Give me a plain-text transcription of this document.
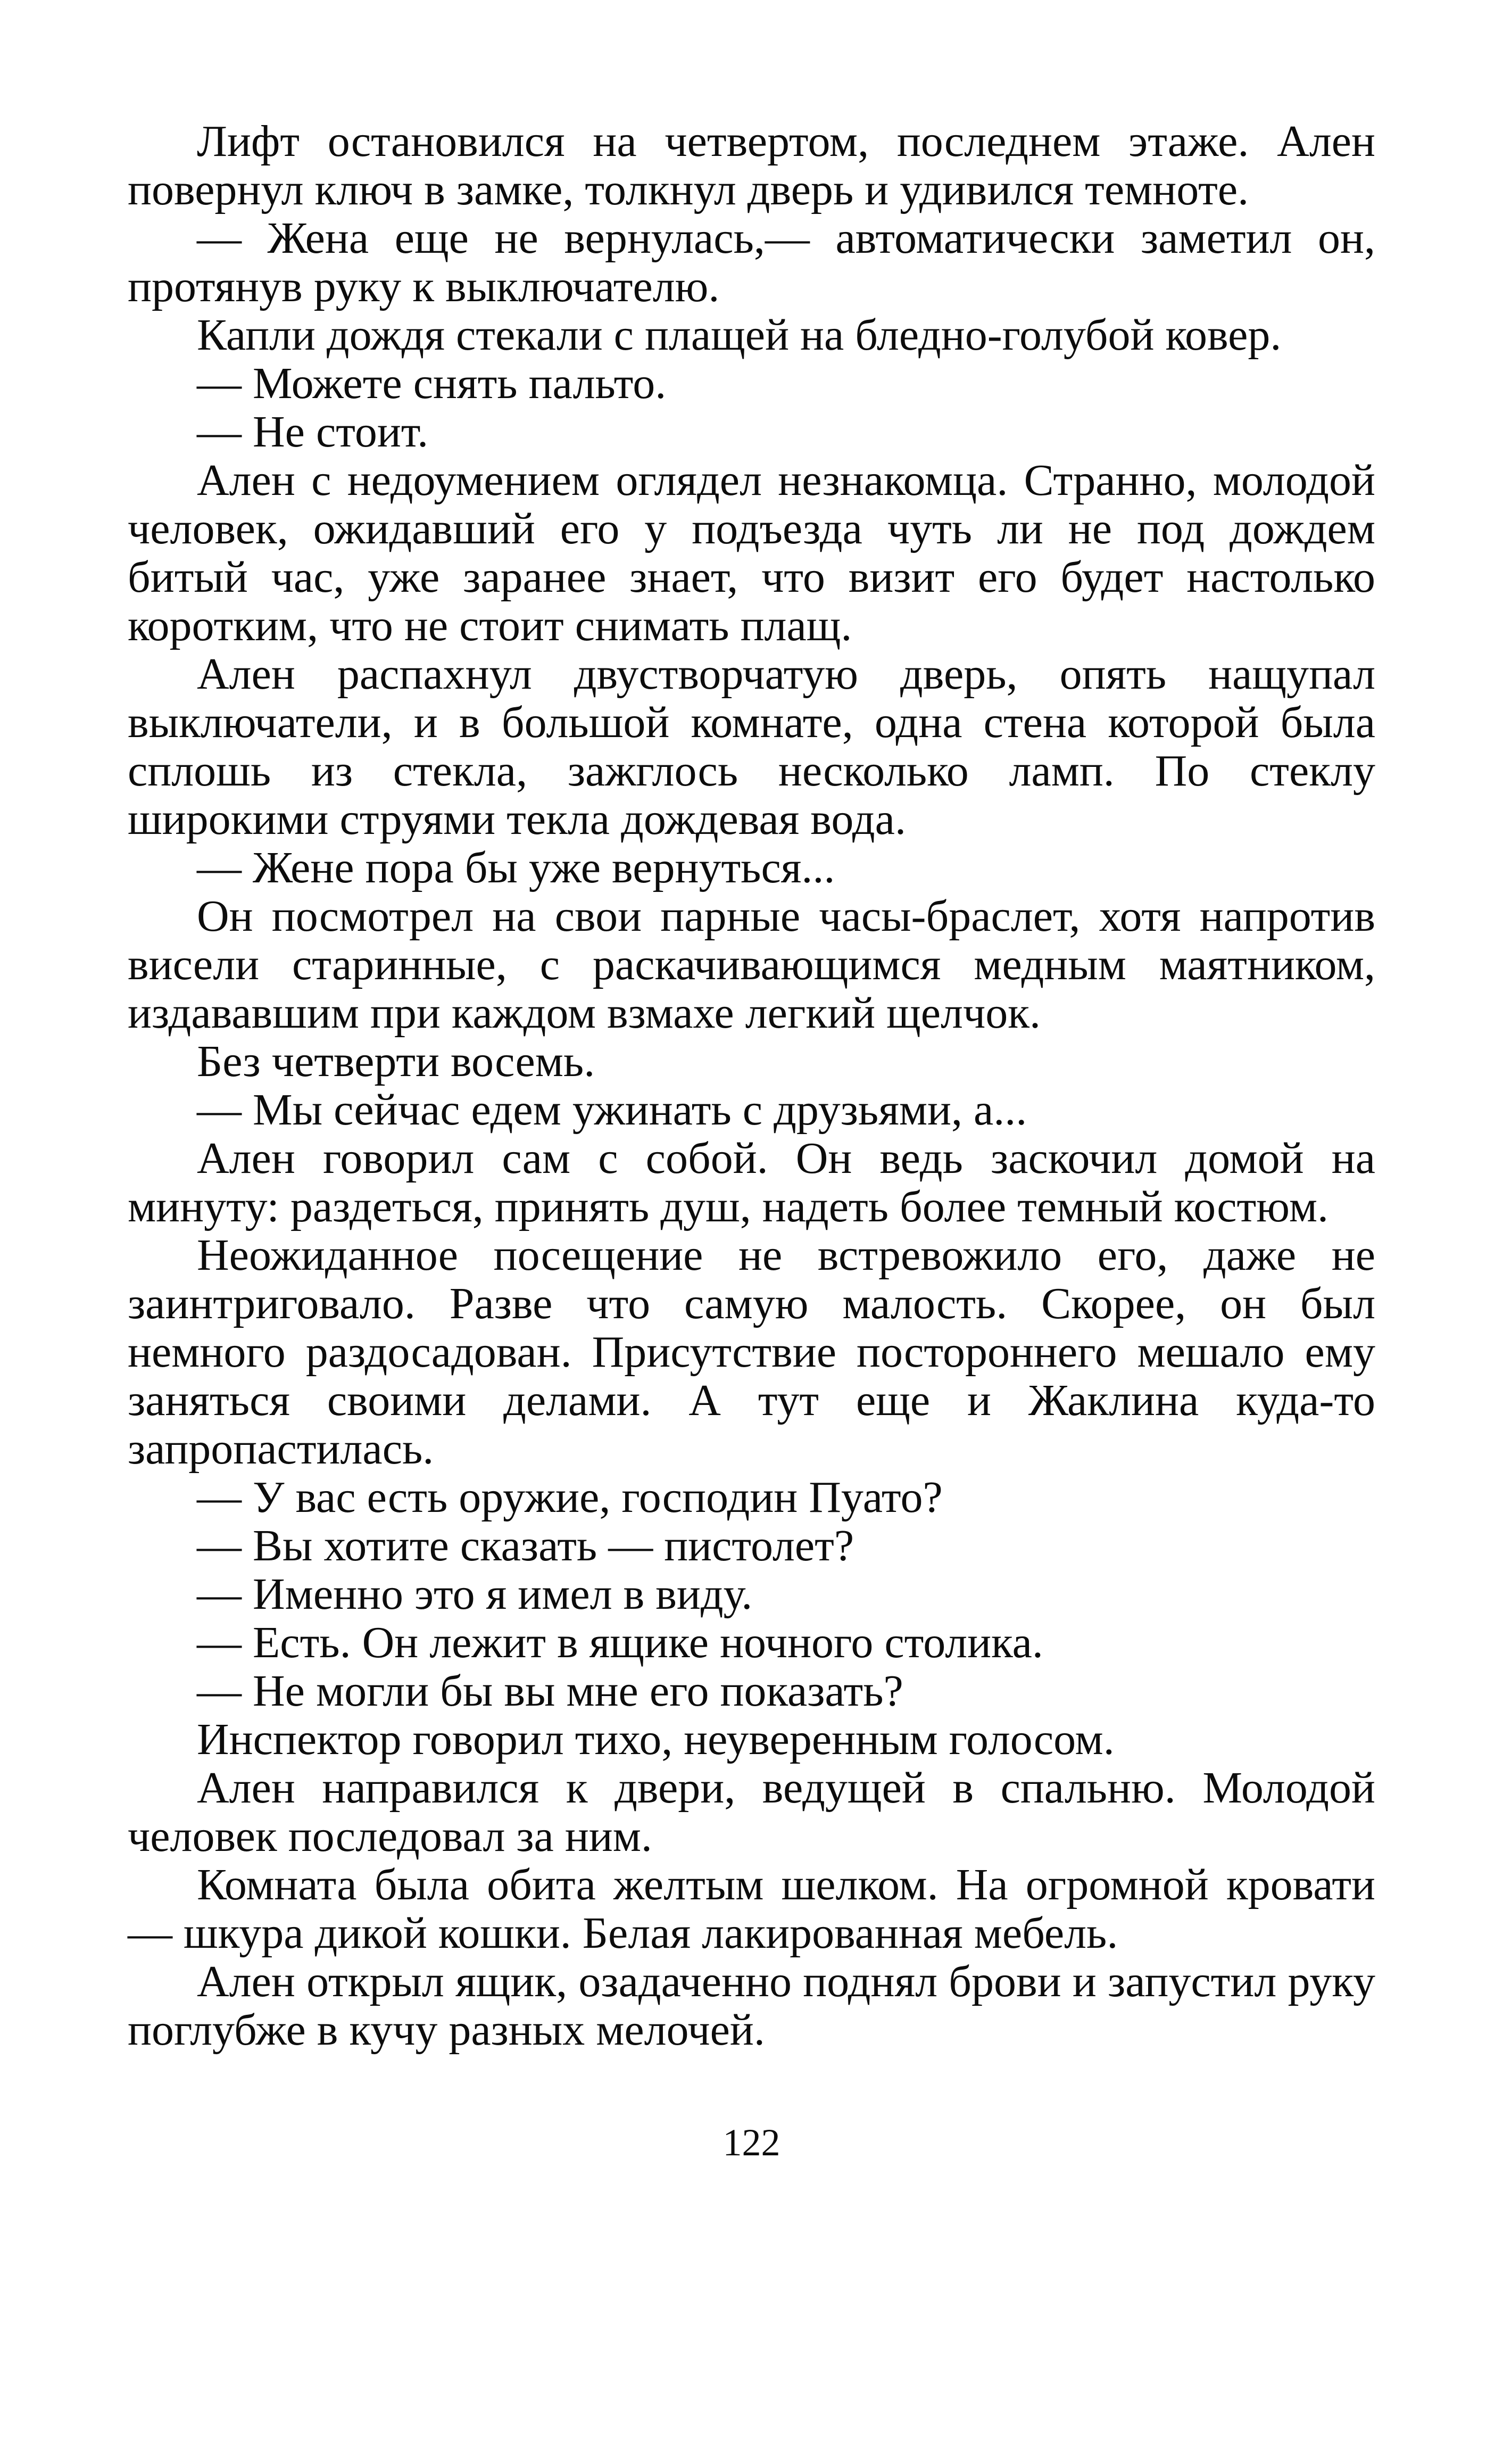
Лифт остановился на четвертом, последнем этаже. Ален повернул ключ в замке, толкнул дверь и удивился темноте.

— Жена еще не вернулась,— автоматически заметил он, протянув руку к выключателю.

Капли дождя стекали с плащей на бледно-голубой ковер.

— Можете снять пальто.

— Не стоит.

Ален с недоумением оглядел незнакомца. Странно, молодой человек, ожидавший его у подъезда чуть ли не под дождем битый час, уже заранее знает, что визит его будет настолько коротким, что не стоит снимать плащ.

Ален распахнул двустворчатую дверь, опять нащупал выключатели, и в большой комнате, одна стена которой была сплошь из стекла, зажглось несколько ламп. По стеклу широкими струями текла дождевая вода.

— Жене пора бы уже вернуться...

Он посмотрел на свои парные часы-браслет, хотя напротив висели старинные, с раскачивающимся медным маятником, издававшим при каждом взмахе легкий щелчок.

Без четверти восемь.

— Мы сейчас едем ужинать с друзьями, а...

Ален говорил сам с собой. Он ведь заскочил домой на минуту: раздеться, принять душ, надеть более темный костюм.

Неожиданное посещение не встревожило его, даже не заинтриговало. Разве что самую малость. Скорее, он был немного раздосадован. Присутствие постороннего мешало ему заняться своими делами. А тут еще и Жаклина куда-то запропастилась.

— У вас есть оружие, господин Пуато?

— Вы хотите сказать — пистолет?

— Именно это я имел в виду.

— Есть. Он лежит в ящике ночного столика.

— Не могли бы вы мне его показать?

Инспектор говорил тихо, неуверенным голосом.

Ален направился к двери, ведущей в спальню. Молодой человек последовал за ним.

Комната была обита желтым шелком. На огромной кровати — шкура дикой кошки. Белая лакированная мебель.

Ален открыл ящик, озадаченно поднял брови и запустил руку поглубже в кучу разных мелочей.

122
